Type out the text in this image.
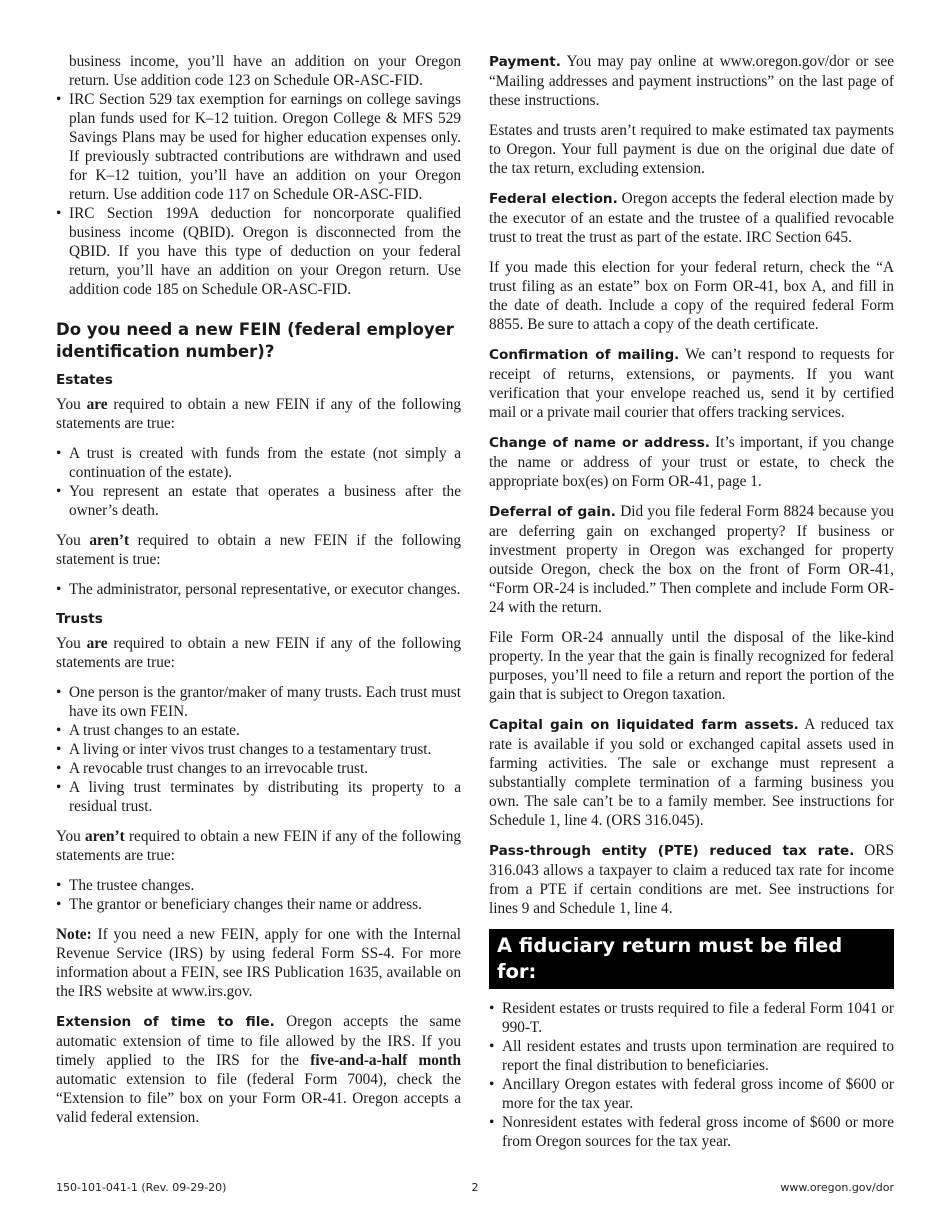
business income, you’ll have an addition on your Oregon return. Use addition code 123 on Schedule OR-ASC-FID.

• IRC Section 529 tax exemption for earnings on college savings plan funds used for K–12 tuition. Oregon College & MFS 529 Savings Plans may be used for higher education expenses only. If previously subtracted contributions are withdrawn and used for K–12 tuition, you’ll have an addition on your Oregon return. Use addition code 117 on Schedule OR-ASC-FID.
• IRC Section 199A deduction for noncorporate qualified business income (QBID). Oregon is disconnected from the QBID. If you have this type of deduction on your federal return, you’ll have an addition on your Oregon return. Use addition code 185 on Schedule OR-ASC-FID.
Do you need a new FEIN (federal employer identification number)?
Estates

You are required to obtain a new FEIN if any of the following statements are true:

• A trust is created with funds from the estate (not simply a continuation of the estate).
• You represent an estate that operates a business after the owner’s death.

You aren’t required to obtain a new FEIN if the following statement is true:

• The administrator, personal representative, or executor changes.
Trusts

You are required to obtain a new FEIN if any of the following statements are true:

• One person is the grantor/maker of many trusts. Each trust must have its own FEIN.
• A trust changes to an estate.
• A living or inter vivos trust changes to a testamentary trust.
• A revocable trust changes to an irrevocable trust.
• A living trust terminates by distributing its property to a residual trust.

You aren’t required to obtain a new FEIN if any of the following statements are true:

• The trustee changes.
• The grantor or beneficiary changes their name or address.

Note: If you need a new FEIN, apply for one with the Internal Revenue Service (IRS) by using federal Form SS-4. For more information about a FEIN, see IRS Publication 1635, available on the IRS website at www.irs.gov.

Extension of time to file. Oregon accepts the same automatic extension of time to file allowed by the IRS. If you timely applied to the IRS for the five-and-a-half month automatic extension to file (federal Form 7004), check the “Extension to file” box on your Form OR-41. Oregon accepts a valid federal extension.

Payment. You may pay online at www.oregon.gov/dor or see “Mailing addresses and payment instructions” on the last page of these instructions.

Estates and trusts aren’t required to make estimated tax payments to Oregon. Your full payment is due on the original due date of the tax return, excluding extension.

Federal election. Oregon accepts the federal election made by the executor of an estate and the trustee of a qualified revocable trust to treat the trust as part of the estate. IRC Section 645.

If you made this election for your federal return, check the “A trust filing as an estate” box on Form OR-41, box A, and fill in the date of death. Include a copy of the required federal Form 8855. Be sure to attach a copy of the death certificate.

Confirmation of mailing. We can’t respond to requests for receipt of returns, extensions, or payments. If you want verification that your envelope reached us, send it by certified mail or a private mail courier that offers tracking services.

Change of name or address. It’s important, if you change the name or address of your trust or estate, to check the appropriate box(es) on Form OR-41, page 1.

Deferral of gain. Did you file federal Form 8824 because you are deferring gain on exchanged property? If business or investment property in Oregon was exchanged for property outside Oregon, check the box on the front of Form OR-41, “Form OR-24 is included.” Then complete and include Form OR-24 with the return.

File Form OR-24 annually until the disposal of the like-kind property. In the year that the gain is finally recognized for federal purposes, you’ll need to file a return and report the portion of the gain that is subject to Oregon taxation.

Capital gain on liquidated farm assets. A reduced tax rate is available if you sold or exchanged capital assets used in farming activities. The sale or exchange must represent a substantially complete termination of a farming business you own. The sale can’t be to a family member. See instructions for Schedule 1, line 4. (ORS 316.045).

Pass-through entity (PTE) reduced tax rate. ORS 316.043 allows a taxpayer to claim a reduced tax rate for income from a PTE if certain conditions are met. See instructions for lines 9 and Schedule 1, line 4.

A fiduciary return must be filed for:
• Resident estates or trusts required to file a federal Form 1041 or 990-T.
• All resident estates and trusts upon termination are required to report the final distribution to beneficiaries.
• Ancillary Oregon estates with federal gross income of $600 or more for the tax year.
• Nonresident estates with federal gross income of $600 or more from Oregon sources for the tax year.
150-101-041-1 (Rev. 09-29-20)	2	www.oregon.gov/dor
